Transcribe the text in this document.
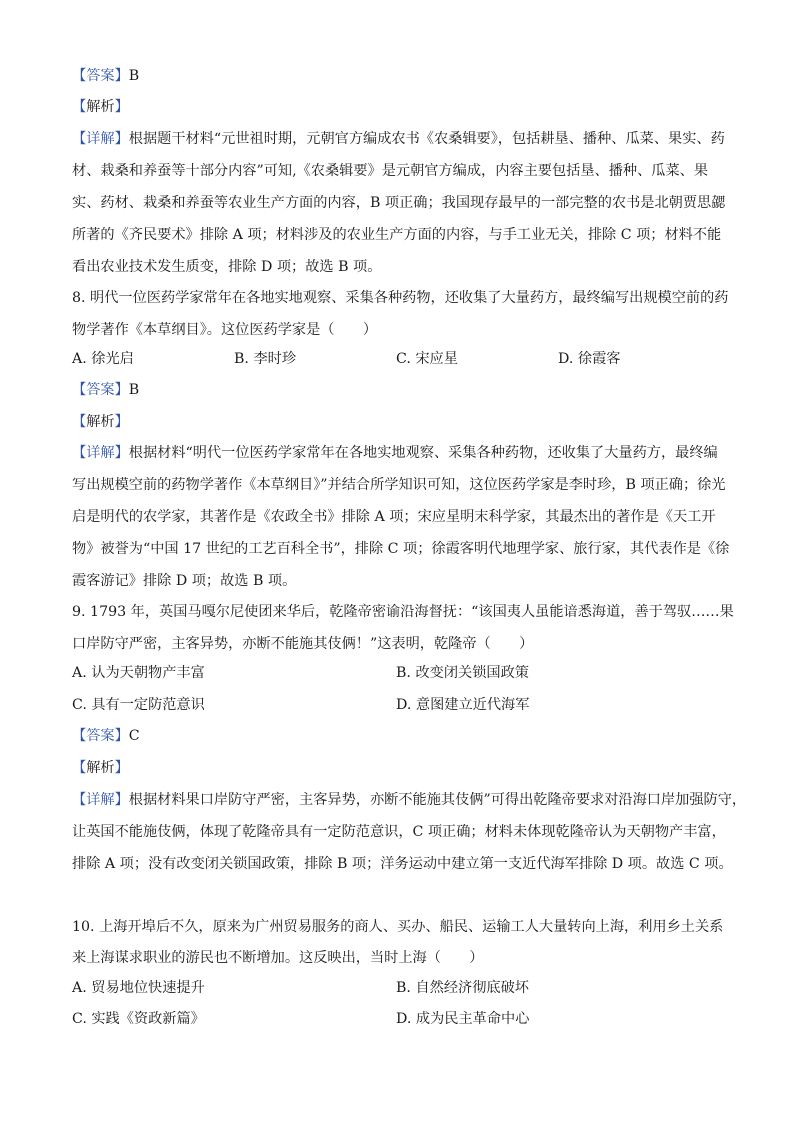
【答案】B
【解析】
【详解】根据题干材料“元世祖时期，元朝官方编成农书《农桑辑要》，包括耕垦、播种、瓜菜、果实、药
材、栽桑和养蚕等十部分内容”可知,《农桑辑要》是元朝官方编成，内容主要包括垦、播种、瓜菜、果
实、药材、栽桑和养蚕等农业生产方面的内容，B 项正确；我国现存最早的一部完整的农书是北朝贾思勰
所著的《齐民要术》排除 A 项；材料涉及的农业生产方面的内容，与手工业无关，排除 C 项；材料不能
看出农业技术发生质变，排除 D 项；故选 B 项。
8. 明代一位医药学家常年在各地实地观察、采集各种药物，还收集了大量药方，最终编写出规模空前的药
物学著作《本草纲目》。这位医药学家是（　　）
A. 徐光启	B. 李时珍	C. 宋应星	D. 徐霞客
【答案】B
【解析】
【详解】根据材料“明代一位医药学家常年在各地实地观察、采集各种药物，还收集了大量药方，最终编
写出规模空前的药物学著作《本草纲目》”并结合所学知识可知，这位医药学家是李时珍，B 项正确；徐光
启是明代的农学家，其著作是《农政全书》排除 A 项；宋应星明末科学家，其最杰出的著作是《天工开
物》被誉为“中国 17 世纪的工艺百科全书”，排除 C 项；徐霞客明代地理学家、旅行家，其代表作是《徐
霞客游记》排除 D 项；故选 B 项。
9. 1793 年，英国马嘎尔尼使团来华后，乾隆帝密谕沿海督抚：“该国夷人虽能谙悉海道，善于驾驭……果
口岸防守严密，主客异势，亦断不能施其伎俩！”这表明，乾隆帝（　　）
A. 认为天朝物产丰富	B. 改变闭关锁国政策
C. 具有一定防范意识	D. 意图建立近代海军
【答案】C
【解析】
【详解】根据材料果口岸防守严密，主客异势，亦断不能施其伎俩”可得出乾隆帝要求对沿海口岸加强防守，
让英国不能施伎俩，体现了乾隆帝具有一定防范意识，C 项正确；材料未体现乾隆帝认为天朝物产丰富，
排除 A 项；没有改变闭关锁国政策，排除 B 项；洋务运动中建立第一支近代海军排除 D 项。故选 C 项。
10. 上海开埠后不久，原来为广州贸易服务的商人、买办、船民、运输工人大量转向上海，利用乡土关系
来上海谋求职业的游民也不断增加。这反映出，当时上海（　　）
A. 贸易地位快速提升	B. 自然经济彻底破坏
C. 实践《资政新篇》	D. 成为民主革命中心
